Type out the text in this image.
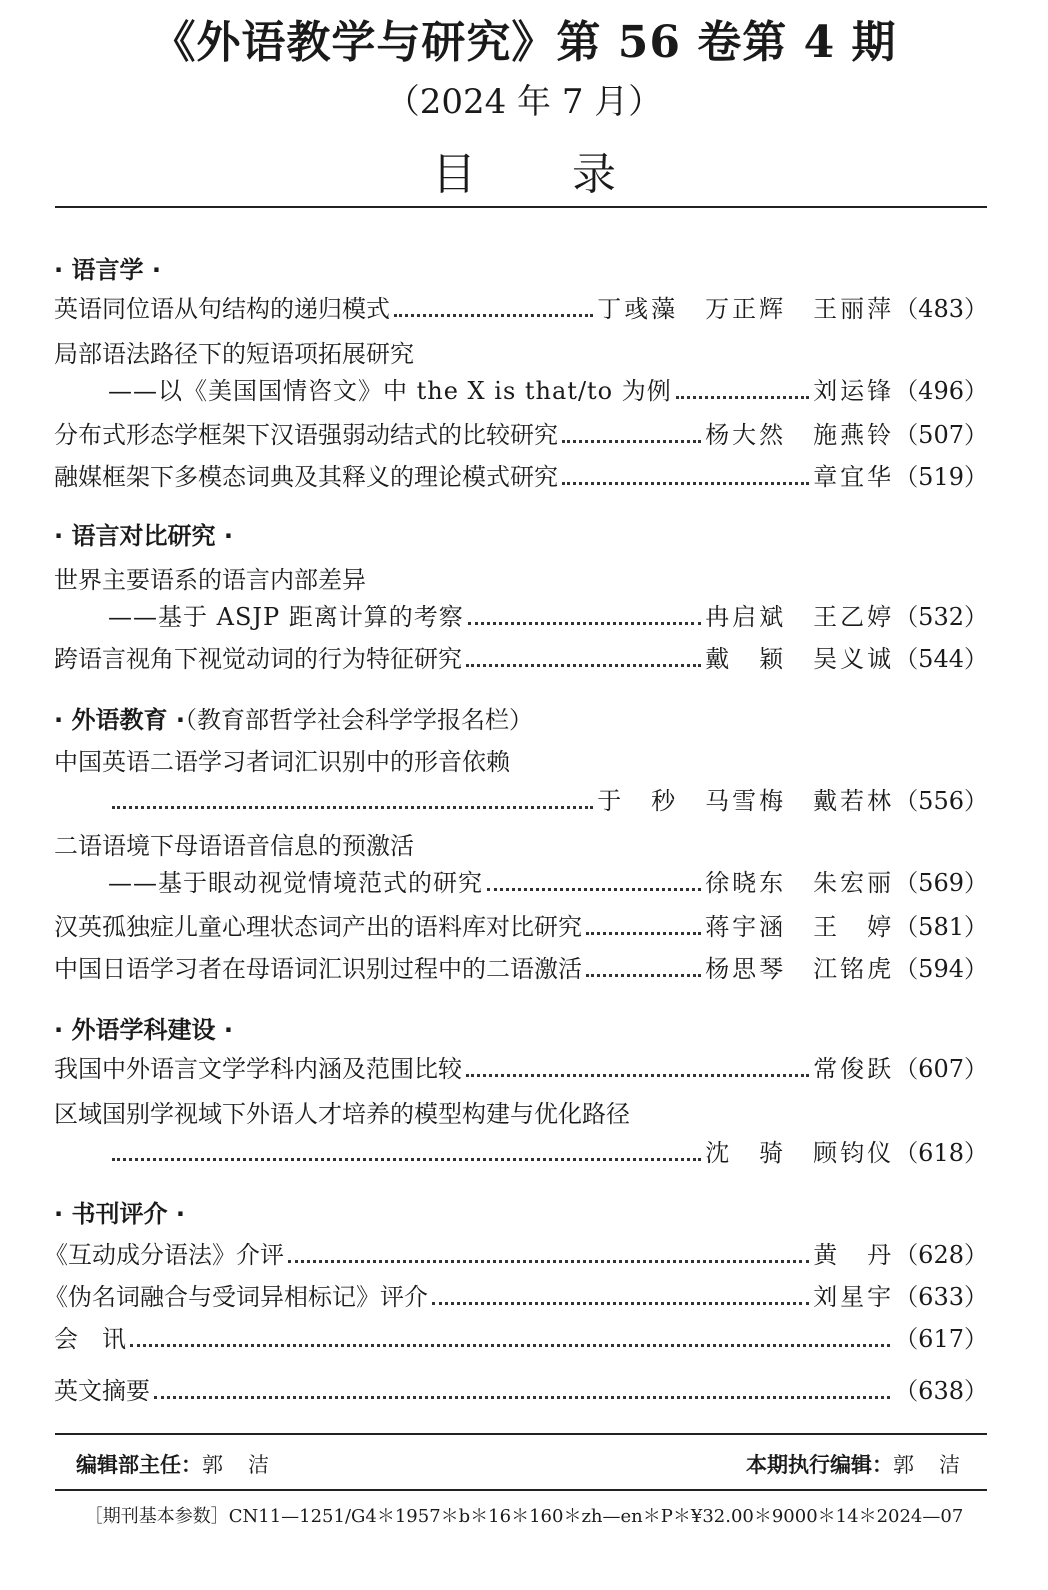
《外语教学与研究》第 56 卷第 4 期
（2024 年 7 月）
目 录
· 语言学 ·
英语同位语从句结构的递归模式	丁彧藻　万正辉　王丽萍 （483）
局部语法路径下的短语项拓展研究
——以《美国国情咨文》中 the X is that/to 为例	刘运锋 （496）
分布式形态学框架下汉语强弱动结式的比较研究	杨大然　施燕铃 （507）
融媒框架下多模态词典及其释义的理论模式研究	章宜华 （519）
· 语言对比研究 ·
世界主要语系的语言内部差异
——基于 ASJP 距离计算的考察	冉启斌　王乙婷 （532）
跨语言视角下视觉动词的行为特征研究	戴　颖　吴义诚 （544）
· 外语教育 ·（教育部哲学社会科学学报名栏）
中国英语二语学习者词汇识别中的形音依赖
于　秒　马雪梅　戴若林 （556）
二语语境下母语语音信息的预激活
——基于眼动视觉情境范式的研究	徐晓东　朱宏丽 （569）
汉英孤独症儿童心理状态词产出的语料库对比研究	蒋宇涵　王　婷 （581）
中国日语学习者在母语词汇识别过程中的二语激活	杨思琴　江铭虎 （594）
· 外语学科建设 ·
我国中外语言文学学科内涵及范围比较	常俊跃 （607）
区域国别学视域下外语人才培养的模型构建与优化路径
沈　骑　顾钧仪 （618）
· 书刊评介 ·
《互动成分语法》介评	黄　丹 （628）
《伪名词融合与受词异相标记》评介	刘星宇 （633）
会　讯	（617）
英文摘要	（638）
编辑部主任：郭　洁	本期执行编辑：郭　洁
［期刊基本参数］CN11—1251/G4＊1957＊b＊16＊160＊zh—en＊P＊¥32.00＊9000＊14＊2024—07
